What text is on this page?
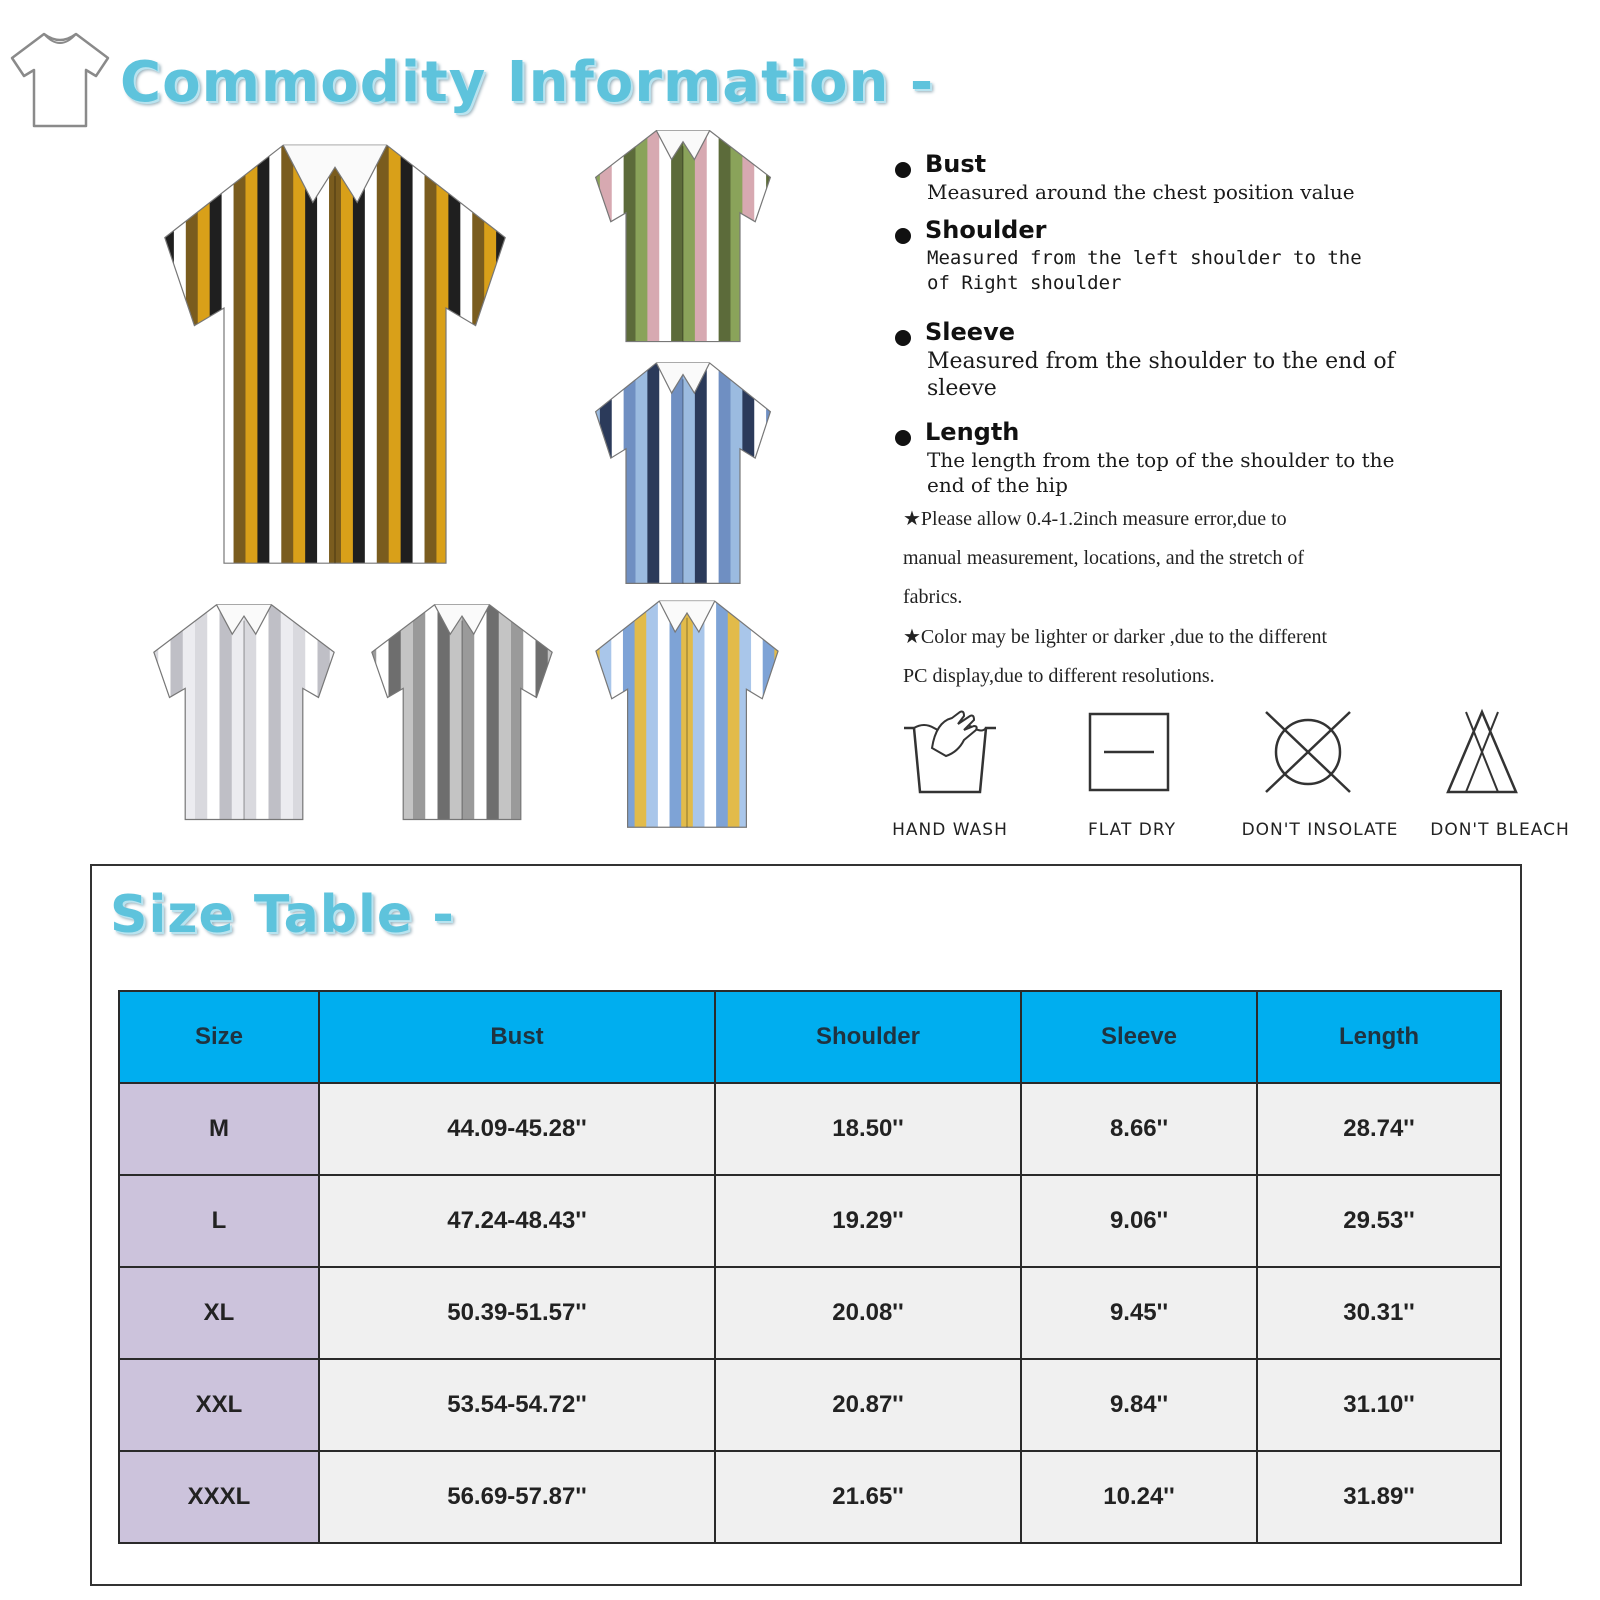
Commodity Information -
Bust
Measured around the chest position value
Shoulder
Measured from the left shoulder to the
of Right shoulder
Sleeve
Measured from the shoulder to the end of sleeve
Length
The length from the top of the shoulder to the end of the hip
★Please allow 0.4-1.2inch measure error,due to manual measurement, locations, and the stretch of fabrics.
★Color may be lighter or darker ,due to the different PC display,due to different resolutions.
HAND WASH	FLAT DRY	DON'T INSOLATE DON'T BLEACH
Size Table -
Size	Bust	Shoulder	Sleeve	Length
M	44.09-45.28''	18.50''	8.66''	28.74''
L	47.24-48.43''	19.29''	9.06''	29.53''
XL	50.39-51.57''	20.08''	9.45''	30.31''
XXL	53.54-54.72''	20.87''	9.84''	31.10''
XXXL	56.69-57.87''	21.65''	10.24''	31.89''
